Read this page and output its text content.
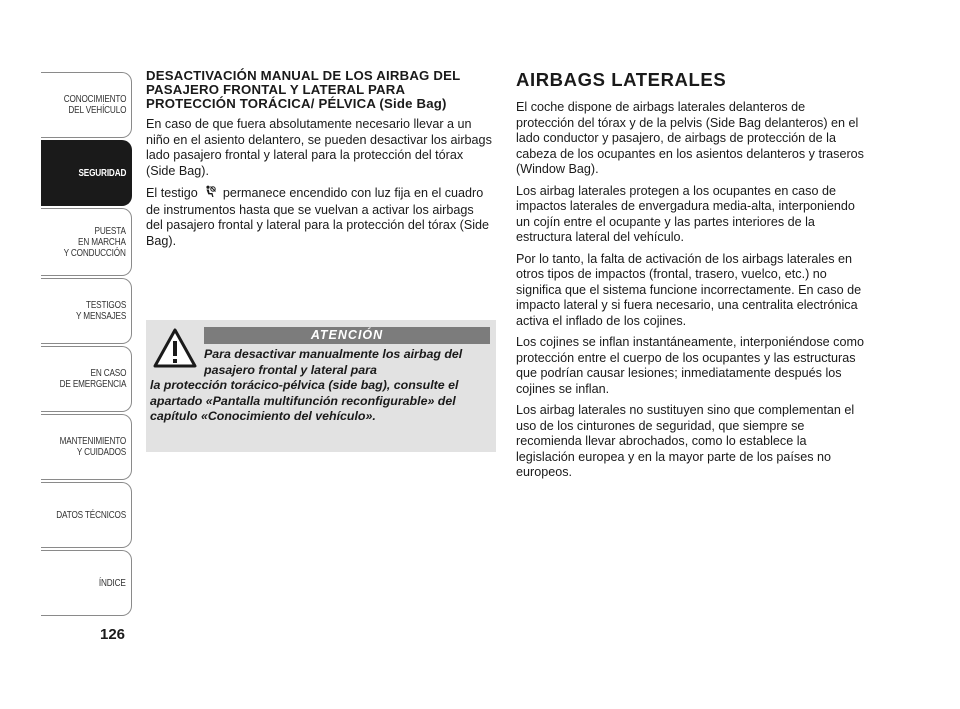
CONOCIMIENTO
DEL VEHÍCULO
SEGURIDAD
PUESTA
EN MARCHA
Y CONDUCCIÓN
TESTIGOS
Y MENSAJES
EN CASO
DE EMERGENCIA
MANTENIMIENTO
Y CUIDADOS
DATOS TÉCNICOS
ÍNDICE
126
DESACTIVACIÓN MANUAL DE LOS AIRBAG DEL PASAJERO FRONTAL Y LATERAL PARA PROTECCIÓN TORÁCICA/ PÉLVICA (Side Bag)

En caso de que fuera absolutamente necesario llevar a un niño en el asiento delantero, se pueden desactivar los airbags lado pasajero frontal y lateral para la protección del tórax (Side Bag).

El testigo permanece encendido con luz fija en el cuadro de instrumentos hasta que se vuelvan a activar los airbags del pasajero frontal y lateral para la protección del tórax (Side Bag).

ATENCIÓN
Para desactivar manualmente los airbag del pasajero frontal y lateral para
la protección torácico-pélvica (side bag), consulte el apartado «Pantalla multifunción reconfigurable» del capítulo «Conocimiento del vehículo».
AIRBAGS LATERALES

El coche dispone de airbags laterales delanteros de protección del tórax y de la pelvis (Side Bag delanteros) en el lado conductor y pasajero, de airbags de protección de la cabeza de los ocupantes en los asientos delanteros y traseros (Window Bag).

Los airbag laterales protegen a los ocupantes en caso de impactos laterales de envergadura media-alta, interponiendo un cojín entre el ocupante y las partes interiores de la estructura lateral del vehículo.

Por lo tanto, la falta de activación de los airbags laterales en otros tipos de impactos (frontal, trasero, vuelco, etc.) no significa que el sistema funcione incorrectamente. En caso de impacto lateral y si fuera necesario, una centralita electrónica activa el inflado de los cojines.

Los cojines se inflan instantáneamente, interponiéndose como protección entre el cuerpo de los ocupantes y las estructuras que podrían causar lesiones; inmediatamente después los cojines se inflan.

Los airbag laterales no sustituyen sino que complementan el uso de los cinturones de seguridad, que siempre se recomienda llevar abrochados, como lo establece la legislación europea y en la mayor parte de los países no europeos.
